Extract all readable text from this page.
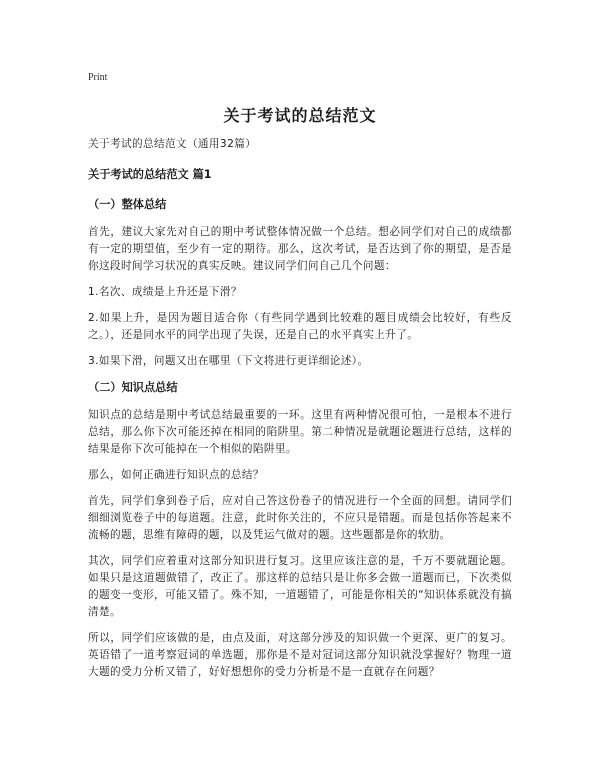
Print
关于考试的总结范文
关于考试的总结范文（通用32篇）
关于考试的总结范文 篇1
（一）整体总结
首先，建议大家先对自己的期中考试整体情况做一个总结。想必同学们对自己的成绩都有一定的期望值，至少有一定的期待。那么，这次考试，是否达到了你的期望，是否是你这段时间学习状况的真实反映。建议同学们问自己几个问题：
1.名次、成绩是上升还是下滑？
2.如果上升，是因为题目适合你（有些同学遇到比较难的题目成绩会比较好，有些反之。），还是同水平的同学出现了失误，还是自己的水平真实上升了。
3.如果下滑，问题又出在哪里（下文将进行更详细论述）。
（二）知识点总结
知识点的总结是期中考试总结最重要的一环。这里有两种情况很可怕，一是根本不进行总结，那么你下次可能还掉在相同的陷阱里。第二种情况是就题论题进行总结，这样的结果是你下次可能掉在一个相似的陷阱里。
那么，如何正确进行知识点的总结？
首先，同学们拿到卷子后，应对自己答这份卷子的情况进行一个全面的回想。请同学们细细浏览卷子中的每道题。注意，此时你关注的，不应只是错题。而是包括你答起来不流畅的题，思维有障碍的题，以及凭运气做对的题。这些题都是你的软肋。
其次，同学们应着重对这部分知识进行复习。这里应该注意的是，千万不要就题论题。如果只是这道题做错了，改正了。那这样的总结只是让你多会做一道题而已，下次类似的题变一变形，可能又错了。殊不知，一道题错了，可能是你相关的“知识体系就没有搞清楚。
所以，同学们应该做的是，由点及面，对这部分涉及的知识做一个更深、更广的复习。英语错了一道考察冠词的单选题，那你是不是对冠词这部分知识就没掌握好？物理一道大题的受力分析又错了，好好想想你的受力分析是不是一直就存在问题？
